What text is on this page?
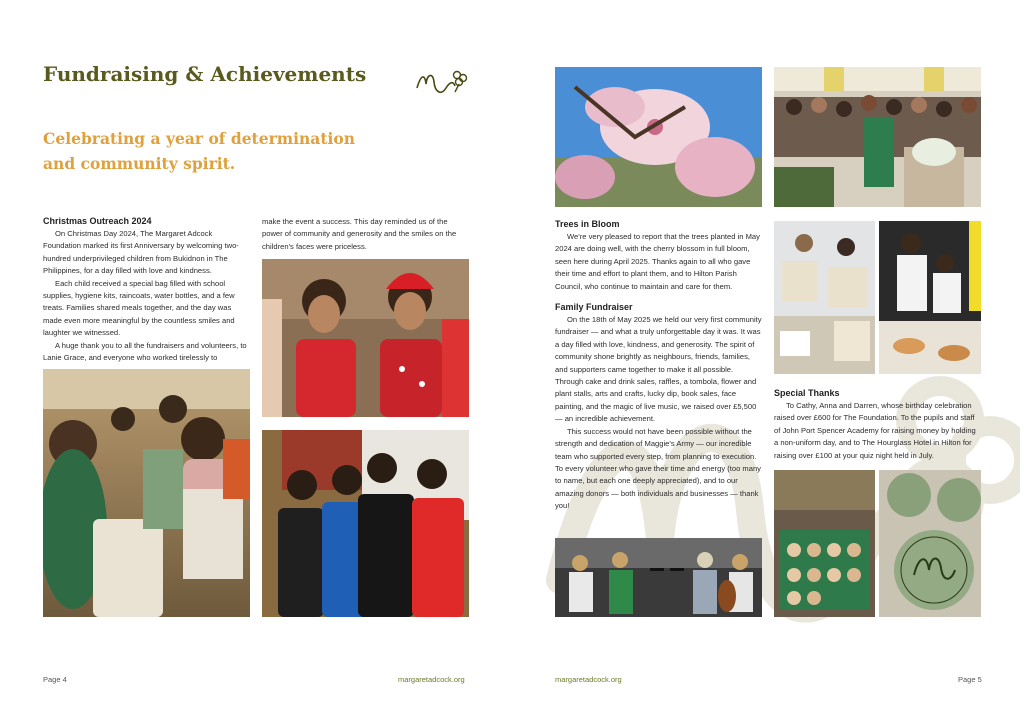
Fundraising & Achievements
Celebrating a year of determination and community spirit.
Christmas Outreach 2024

On Christmas Day 2024, The Margaret Adcock Foundation marked its first Anniversary by welcoming two-hundred underprivileged children from Bukidnon in The Philippines, for a day filled with love and kindness.

Each child received a special bag filled with school supplies, hygiene kits, raincoats, water bottles, and a few treats. Families shared meals together, and the day was made even more meaningful by the countless smiles and laughter we witnessed.

A huge thank you to all the fundraisers and volunteers, to Lanie Grace, and everyone who worked tirelessly to

make the event a success. This day reminded us of the power of community and generosity and the smiles on the children's faces were priceless.

Page 4	margaretadcock.org
Trees in Bloom

We're very pleased to report that the trees planted in May 2024 are doing well, with the cherry blossom in full bloom, seen here during April 2025. Thanks again to all who gave their time and effort to plant them, and to Hilton Parish Council, who continue to maintain and care for them.

Family Fundraiser

On the 18th of May 2025 we held our very first community fundraiser — and what a truly unforgettable day it was. It was a day filled with love, kindness, and generosity. The spirit of community shone brightly as neighbours, friends, families, and supporters came together to make it all possible. Through cake and drink sales, raffles, a tombola, flower and plant stalls, arts and crafts, lucky dip, book sales, face painting, and the magic of live music, we raised over £5,500 — an incredible achievement.

This success would not have been possible without the strength and dedication of Maggie's Army — our incredible team who supported every step, from planning to execution. To every volunteer who gave their time and energy (too many to name, but each one deeply appreciated), and to our amazing donors — both individuals and businesses — thank you!

Special Thanks

To Cathy, Anna and Darren, whose birthday celebration raised over £600 for The Foundation. To the pupils and staff of John Port Spencer Academy for raising money by holding a non-uniform day, and to The Hourglass Hotel in Hilton for raising over £100 at your quiz night held in July.

margaretadcock.org	Page 5
